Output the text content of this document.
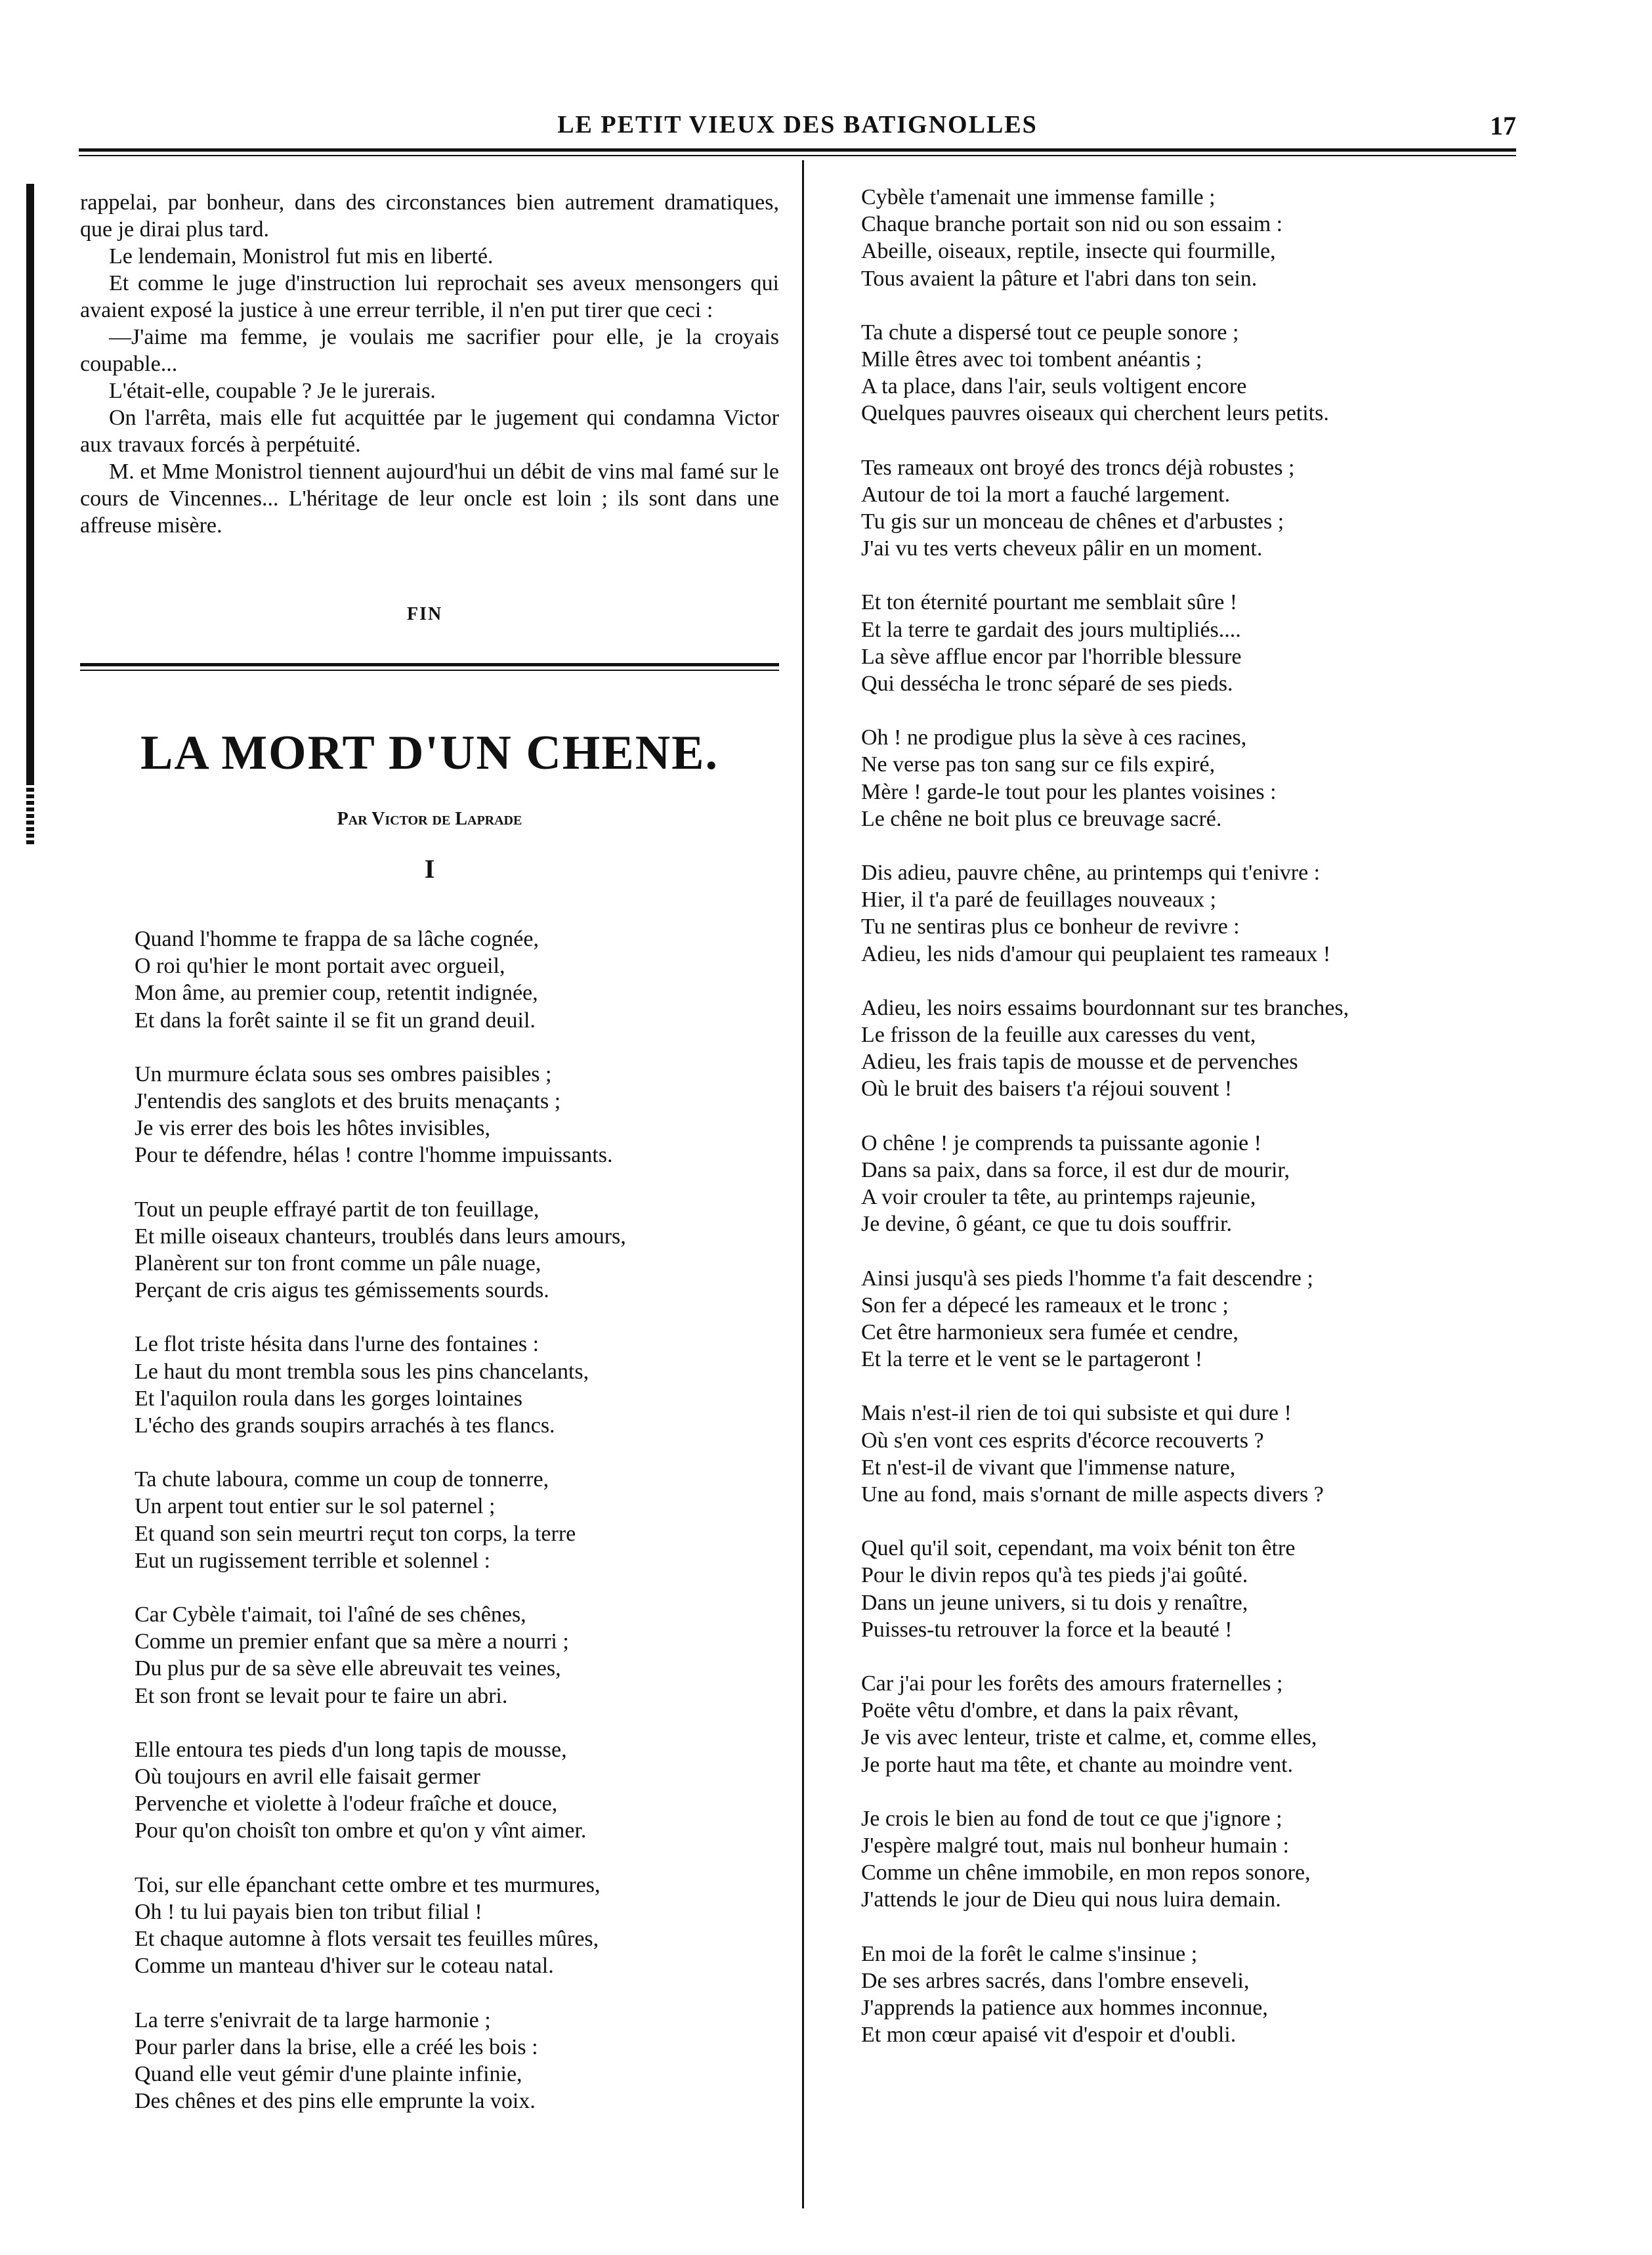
LE PETIT VIEUX DES BATIGNOLLES	17

rappelai, par bonheur, dans des circonstances bien autrement dramatiques, que je dirai plus tard.

Le lendemain, Monistrol fut mis en liberté.

Et comme le juge d'instruction lui reprochait ses aveux mensongers qui avaient exposé la justice à une erreur terrible, il n'en put tirer que ceci :

—J'aime ma femme, je voulais me sacrifier pour elle, je la croyais coupable...

L'était-elle, coupable ? Je le jurerais.

On l'arrêta, mais elle fut acquittée par le jugement qui condamna Victor aux travaux forcés à perpétuité.

M. et Mme Monistrol tiennent aujourd'hui un débit de vins mal famé sur le cours de Vincennes... L'héritage de leur oncle est loin ; ils sont dans une affreuse misère.

FIN
LA MORT D'UN CHENE.
Par Victor de Laprade
I
Quand l'homme te frappa de sa lâche cognée,
O roi qu'hier le mont portait avec orgueil,
Mon âme, au premier coup, retentit indignée,
Et dans la forêt sainte il se fit un grand deuil.
Un murmure éclata sous ses ombres paisibles ;
J'entendis des sanglots et des bruits menaçants ;
Je vis errer des bois les hôtes invisibles,
Pour te défendre, hélas ! contre l'homme impuissants.
Tout un peuple effrayé partit de ton feuillage,
Et mille oiseaux chanteurs, troublés dans leurs amours,
Planèrent sur ton front comme un pâle nuage,
Perçant de cris aigus tes gémissements sourds.
Le flot triste hésita dans l'urne des fontaines :
Le haut du mont trembla sous les pins chancelants,
Et l'aquilon roula dans les gorges lointaines
L'écho des grands soupirs arrachés à tes flancs.
Ta chute laboura, comme un coup de tonnerre,
Un arpent tout entier sur le sol paternel ;
Et quand son sein meurtri reçut ton corps, la terre
Eut un rugissement terrible et solennel :
Car Cybèle t'aimait, toi l'aîné de ses chênes,
Comme un premier enfant que sa mère a nourri ;
Du plus pur de sa sève elle abreuvait tes veines,
Et son front se levait pour te faire un abri.
Elle entoura tes pieds d'un long tapis de mousse,
Où toujours en avril elle faisait germer
Pervenche et violette à l'odeur fraîche et douce,
Pour qu'on choisît ton ombre et qu'on y vînt aimer.
Toi, sur elle épanchant cette ombre et tes murmures,
Oh ! tu lui payais bien ton tribut filial !
Et chaque automne à flots versait tes feuilles mûres,
Comme un manteau d'hiver sur le coteau natal.
La terre s'enivrait de ta large harmonie ;
Pour parler dans la brise, elle a créé les bois :
Quand elle veut gémir d'une plainte infinie,
Des chênes et des pins elle emprunte la voix.
Cybèle t'amenait une immense famille ;
Chaque branche portait son nid ou son essaim :
Abeille, oiseaux, reptile, insecte qui fourmille,
Tous avaient la pâture et l'abri dans ton sein.
Ta chute a dispersé tout ce peuple sonore ;
Mille êtres avec toi tombent anéantis ;
A ta place, dans l'air, seuls voltigent encore
Quelques pauvres oiseaux qui cherchent leurs petits.
Tes rameaux ont broyé des troncs déjà robustes ;
Autour de toi la mort a fauché largement.
Tu gis sur un monceau de chênes et d'arbustes ;
J'ai vu tes verts cheveux pâlir en un moment.
Et ton éternité pourtant me semblait sûre !
Et la terre te gardait des jours multipliés....
La sève afflue encor par l'horrible blessure
Qui dessécha le tronc séparé de ses pieds.
Oh ! ne prodigue plus la sève à ces racines,
Ne verse pas ton sang sur ce fils expiré,
Mère ! garde-le tout pour les plantes voisines :
Le chêne ne boit plus ce breuvage sacré.
Dis adieu, pauvre chêne, au printemps qui t'enivre :
Hier, il t'a paré de feuillages nouveaux ;
Tu ne sentiras plus ce bonheur de revivre :
Adieu, les nids d'amour qui peuplaient tes rameaux !
Adieu, les noirs essaims bourdonnant sur tes branches,
Le frisson de la feuille aux caresses du vent,
Adieu, les frais tapis de mousse et de pervenches
Où le bruit des baisers t'a réjoui souvent !
O chêne ! je comprends ta puissante agonie !
Dans sa paix, dans sa force, il est dur de mourir,
A voir crouler ta tête, au printemps rajeunie,
Je devine, ô géant, ce que tu dois souffrir.
Ainsi jusqu'à ses pieds l'homme t'a fait descendre ;
Son fer a dépecé les rameaux et le tronc ;
Cet être harmonieux sera fumée et cendre,
Et la terre et le vent se le partageront !
Mais n'est-il rien de toi qui subsiste et qui dure !
Où s'en vont ces esprits d'écorce recouverts ?
Et n'est-il de vivant que l'immense nature,
Une au fond, mais s'ornant de mille aspects divers ?
Quel qu'il soit, cependant, ma voix bénit ton être
Pour le divin repos qu'à tes pieds j'ai goûté.
Dans un jeune univers, si tu dois y renaître,
Puisses-tu retrouver la force et la beauté !
Car j'ai pour les forêts des amours fraternelles ;
Poëte vêtu d'ombre, et dans la paix rêvant,
Je vis avec lenteur, triste et calme, et, comme elles,
Je porte haut ma tête, et chante au moindre vent.
Je crois le bien au fond de tout ce que j'ignore ;
J'espère malgré tout, mais nul bonheur humain :
Comme un chêne immobile, en mon repos sonore,
J'attends le jour de Dieu qui nous luira demain.
En moi de la forêt le calme s'insinue ;
De ses arbres sacrés, dans l'ombre enseveli,
J'apprends la patience aux hommes inconnue,
Et mon cœur apaisé vit d'espoir et d'oubli.
